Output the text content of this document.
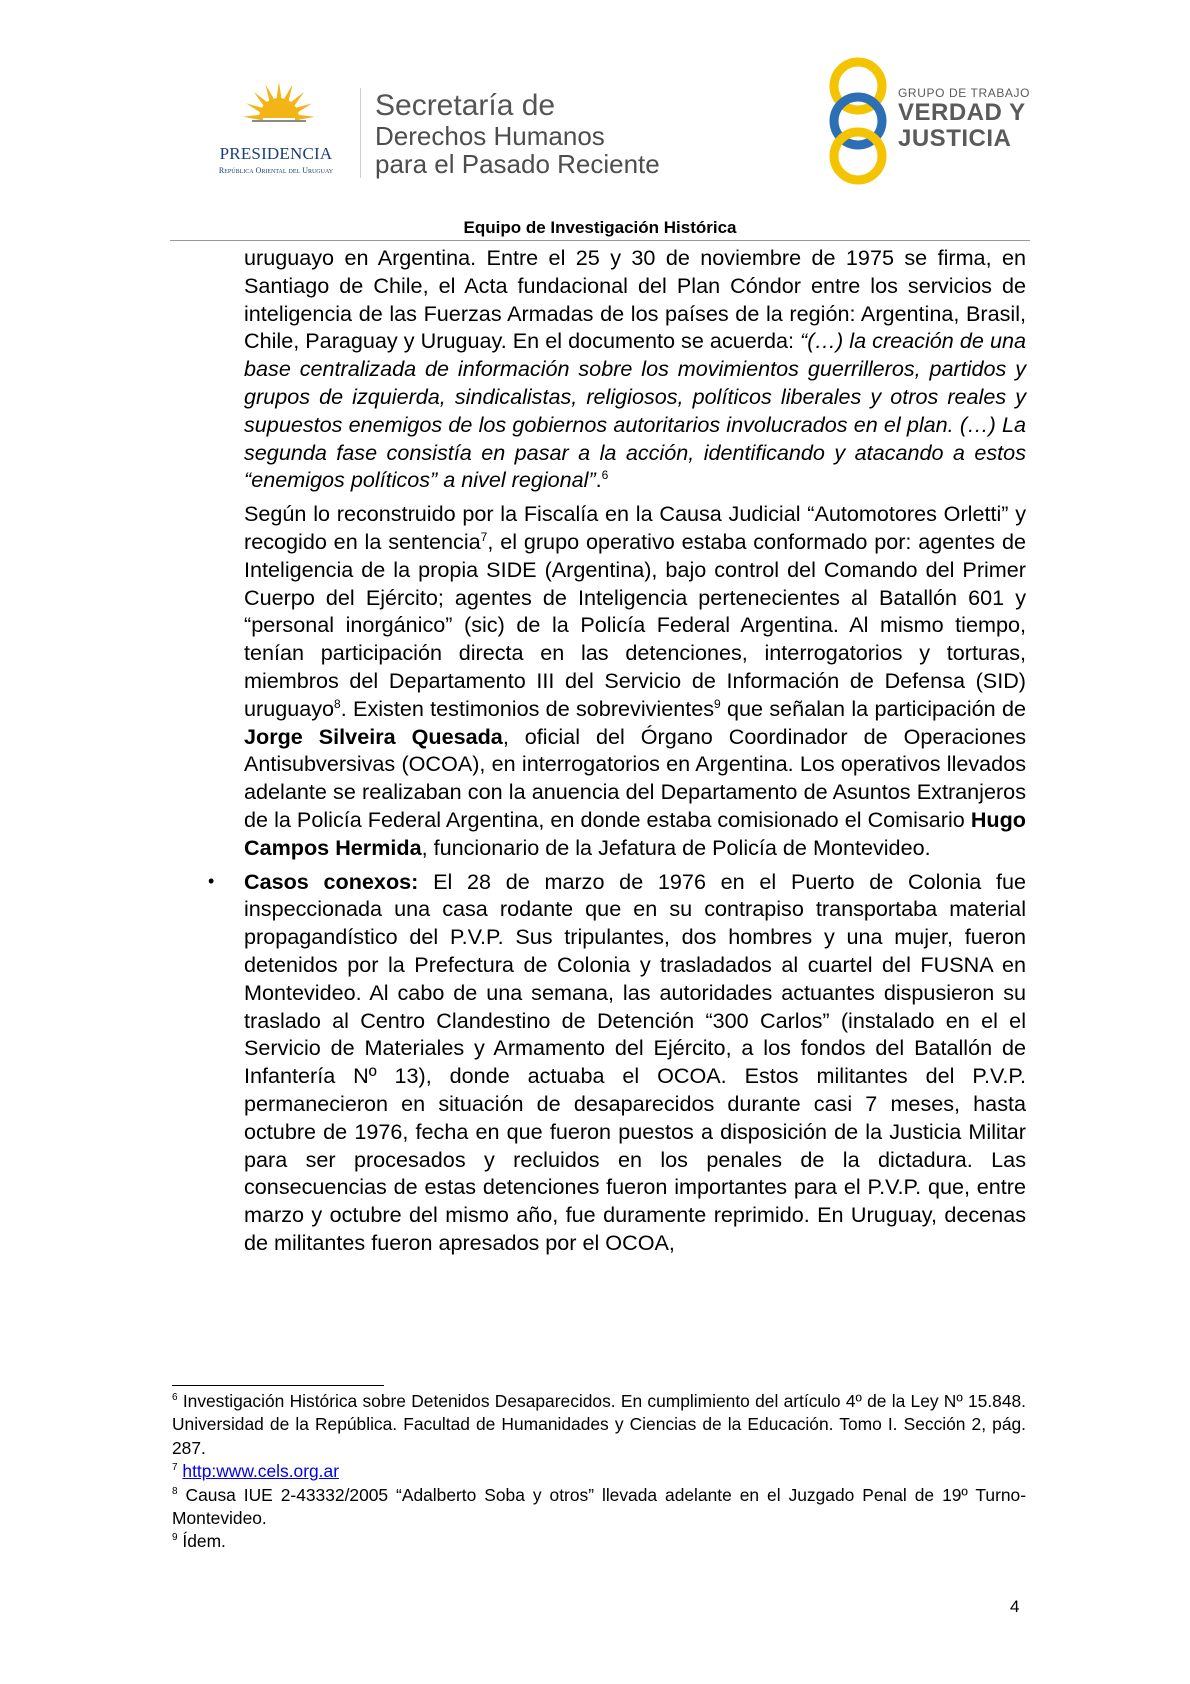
PRESIDENCIA
República Oriental del Uruguay
Secretaría de
Derechos Humanos
para el Pasado Reciente
GRUPO DE TRABAJO
VERDAD Y
JUSTICIA
Equipo de Investigación Histórica

uruguayo en Argentina. Entre el 25 y 30 de noviembre de 1975 se firma, en Santiago de Chile, el Acta fundacional del Plan Cóndor entre los servicios de inteligencia de las Fuerzas Armadas de los países de la región: Argentina, Brasil, Chile, Paraguay y Uruguay. En el documento se acuerda: “(…) la creación de una base centralizada de información sobre los movimientos guerrilleros, partidos y grupos de izquierda, sindicalistas, religiosos, políticos liberales y otros reales y supuestos enemigos de los gobiernos autoritarios involucrados en el plan. (…) La segunda fase consistía en pasar a la acción, identificando y atacando a estos “enemigos políticos” a nivel regional”.$^6$

Según lo reconstruido por la Fiscalía en la Causa Judicial “Automotores Orletti” y recogido en la sentencia$^7$, el grupo operativo estaba conformado por: agentes de Inteligencia de la propia SIDE (Argentina), bajo control del Comando del Primer Cuerpo del Ejército; agentes de Inteligencia pertenecientes al Batallón 601 y “personal inorgánico” (sic) de la Policía Federal Argentina. Al mismo tiempo, tenían participación directa en las detenciones, interrogatorios y torturas, miembros del Departamento III del Servicio de Información de Defensa (SID) uruguayo$^8$. Existen testimonios de sobrevivientes$^9$ que señalan la participación de Jorge Silveira Quesada, oficial del Órgano Coordinador de Operaciones Antisubversivas (OCOA), en interrogatorios en Argentina. Los operativos llevados adelante se realizaban con la anuencia del Departamento de Asuntos Extranjeros de la Policía Federal Argentina, en donde estaba comisionado el Comisario Hugo Campos Hermida, funcionario de la Jefatura de Policía de Montevideo.

• Casos conexos: El 28 de marzo de 1976 en el Puerto de Colonia fue inspeccionada una casa rodante que en su contrapiso transportaba material propagandístico del P.V.P. Sus tripulantes, dos hombres y una mujer, fueron detenidos por la Prefectura de Colonia y trasladados al cuartel del FUSNA en Montevideo. Al cabo de una semana, las autoridades actuantes dispusieron su traslado al Centro Clandestino de Detención “300 Carlos” (instalado en el el Servicio de Materiales y Armamento del Ejército, a los fondos del Batallón de Infantería Nº 13), donde actuaba el OCOA. Estos militantes del P.V.P. permanecieron en situación de desaparecidos durante casi 7 meses, hasta octubre de 1976, fecha en que fueron puestos a disposición de la Justicia Militar para ser procesados y recluidos en los penales de la dictadura. Las consecuencias de estas detenciones fueron importantes para el P.V.P. que, entre marzo y octubre del mismo año, fue duramente reprimido. En Uruguay, decenas de militantes fueron apresados por el OCOA,

$^6$ Investigación Histórica sobre Detenidos Desaparecidos. En cumplimiento del artículo 4º de la Ley Nº 15.848. Universidad de la República. Facultad de Humanidades y Ciencias de la Educación. Tomo I. Sección 2, pág. 287.

$^7$ http:www.cels.org.ar

$^8$ Causa IUE 2-43332/2005 “Adalberto Soba y otros” llevada adelante en el Juzgado Penal de 19º Turno-Montevideo.

$^9$ Ídem.

4
